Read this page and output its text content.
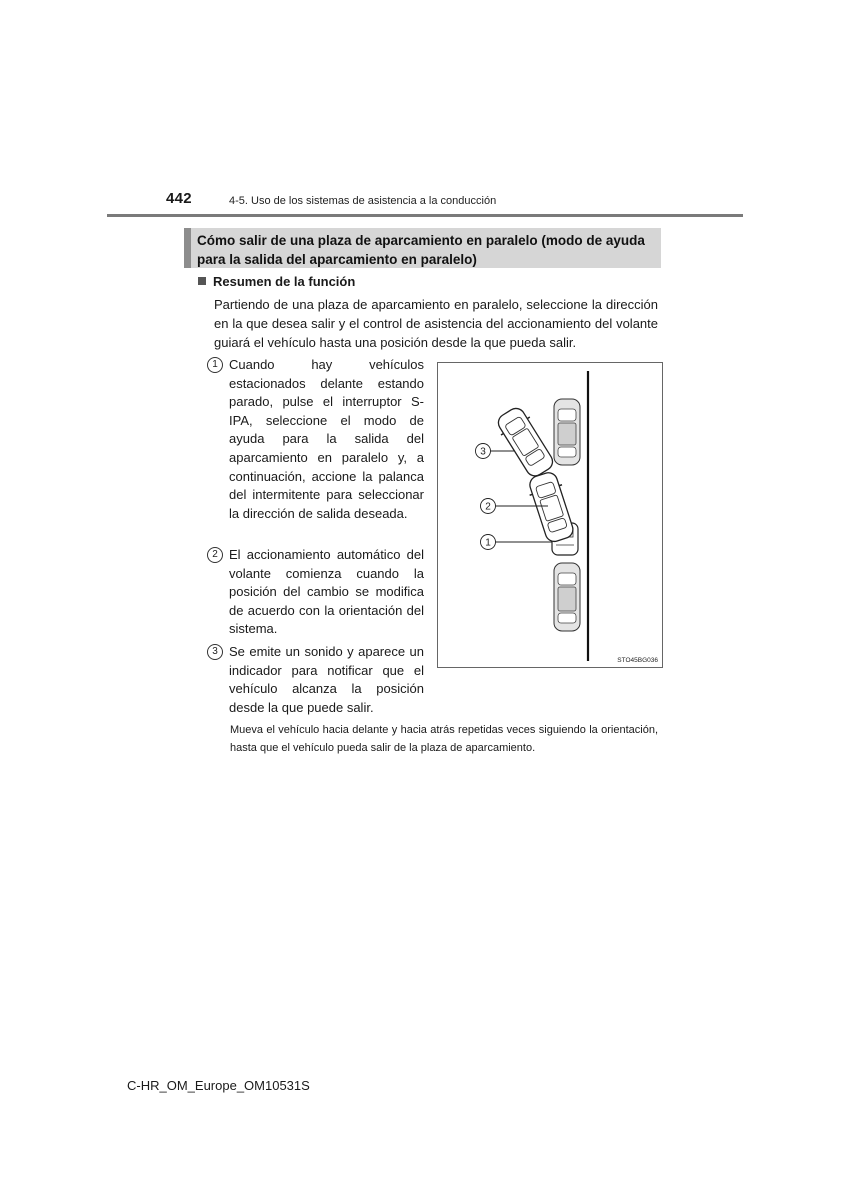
442	4-5. Uso de los sistemas de asistencia a la conducción
Cómo salir de una plaza de aparcamiento en paralelo (modo de ayuda para la salida del aparcamiento en paralelo)
Resumen de la función
Partiendo de una plaza de aparcamiento en paralelo, seleccione la dirección en la que desea salir y el control de asistencia del accionamiento del volante guiará el vehículo hasta una posición desde la que pueda salir.
1 Cuando hay vehículos estacionados delante estando parado, pulse el interruptor S-IPA, seleccione el modo de ayuda para la salida del aparcamiento en paralelo y, a continuación, accione la palanca del intermitente para seleccionar la dirección de salida deseada.
2 El accionamiento automático del volante comienza cuando la posición del cambio se modifica de acuerdo con la orientación del sistema.
3 Se emite un sonido y aparece un indicador para notificar que el vehículo alcanza la posición desde la que puede salir.
3
2
1
STO45BG036
Mueva el vehículo hacia delante y hacia atrás repetidas veces siguiendo la orientación, hasta que el vehículo pueda salir de la plaza de aparcamiento.
C-HR_OM_Europe_OM10531S
